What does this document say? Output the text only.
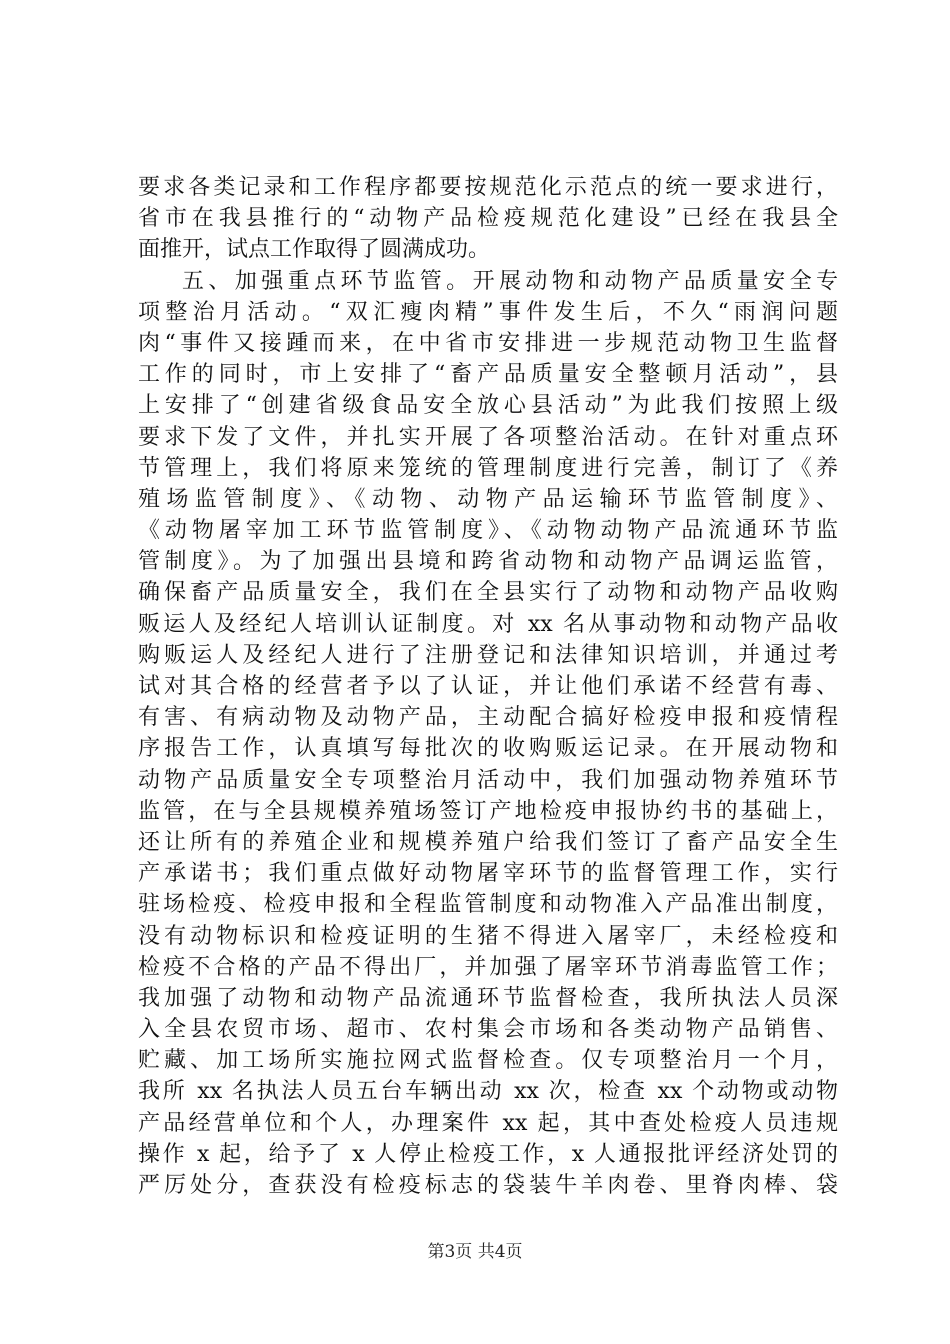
要求各类记录和工作程序都要按规范化示范点的统一要求进行，
省市在我县推行的“动物产品检疫规范化建设”已经在我县全
面推开，试点工作取得了圆满成功。
五、加强重点环节监管。开展动物和动物产品质量安全专
项整治月活动。“双汇瘦肉精”事件发生后，不久“雨润问题
肉“事件又接踵而来，在中省市安排进一步规范动物卫生监督
工作的同时，市上安排了“畜产品质量安全整顿月活动”，县
上安排了“创建省级食品安全放心县活动”为此我们按照上级
要求下发了文件，并扎实开展了各项整治活动。在针对重点环
节管理上，我们将原来笼统的管理制度进行完善，制订了《养
殖场监管制度》、《动物、动物产品运输环节监管制度》、
《动物屠宰加工环节监管制度》、《动物动物产品流通环节监
管制度》。为了加强出县境和跨省动物和动物产品调运监管，
确保畜产品质量安全，我们在全县实行了动物和动物产品收购
贩运人及经纪人培训认证制度。对 xx 名从事动物和动物产品收
购贩运人及经纪人进行了注册登记和法律知识培训，并通过考
试对其合格的经营者予以了认证，并让他们承诺不经营有毒、
有害、有病动物及动物产品，主动配合搞好检疫申报和疫情程
序报告工作，认真填写每批次的收购贩运记录。在开展动物和
动物产品质量安全专项整治月活动中，我们加强动物养殖环节
监管，在与全县规模养殖场签订产地检疫申报协约书的基础上，
还让所有的养殖企业和规模养殖户给我们签订了畜产品安全生
产承诺书；我们重点做好动物屠宰环节的监督管理工作，实行
驻场检疫、检疫申报和全程监管制度和动物准入产品准出制度，
没有动物标识和检疫证明的生猪不得进入屠宰厂，未经检疫和
检疫不合格的产品不得出厂，并加强了屠宰环节消毒监管工作；
我加强了动物和动物产品流通环节监督检查，我所执法人员深
入全县农贸市场、超市、农村集会市场和各类动物产品销售、
贮藏、加工场所实施拉网式监督检查。仅专项整治月一个月，
我所 xx 名执法人员五台车辆出动 xx 次，检查 xx 个动物或动物
产品经营单位和个人，办理案件 xx 起，其中查处检疫人员违规
操作 x 起，给予了 x 人停止检疫工作，x 人通报批评经济处罚的
严厉处分，查获没有检疫标志的袋装牛羊肉卷、里脊肉棒、袋
第3页 共4页
